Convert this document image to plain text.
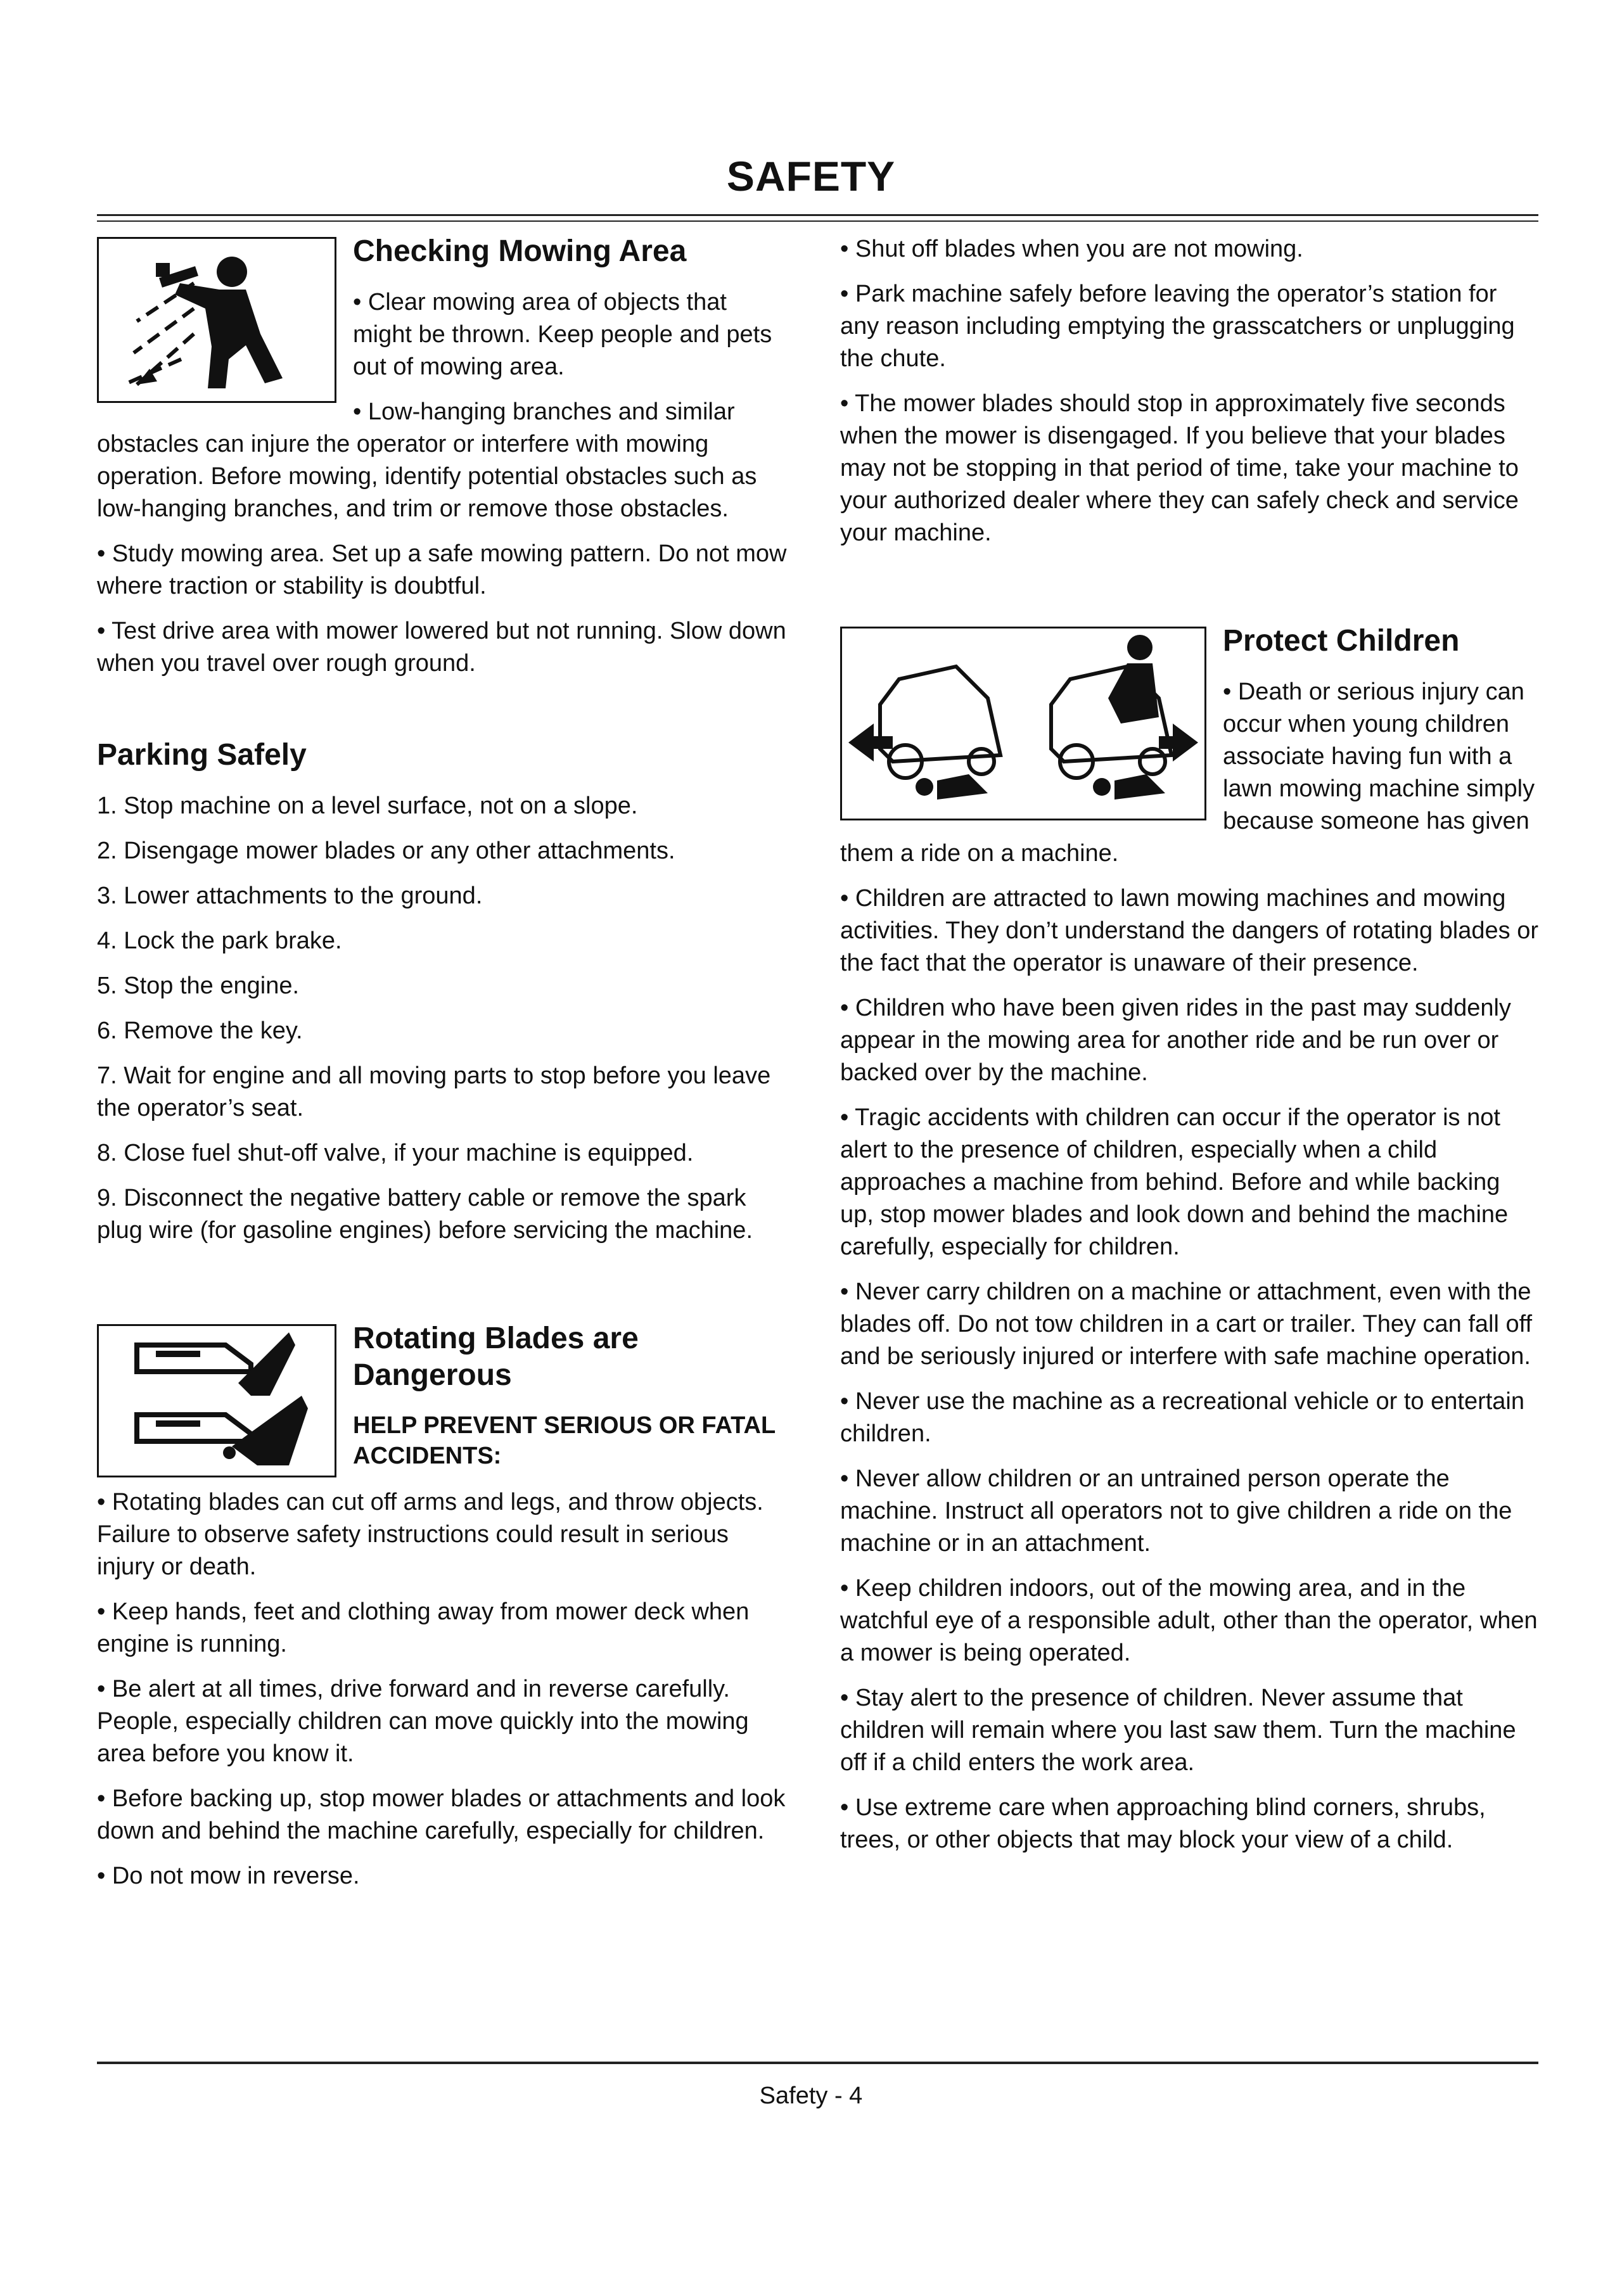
SAFETY
Checking Mowing Area

• Clear mowing area of objects that might be thrown. Keep people and pets out of mowing area.

• Low-hanging branches and similar obstacles can injure the operator or interfere with mowing operation. Before mowing, identify potential obstacles such as low-hanging branches, and trim or remove those obstacles.

• Study mowing area. Set up a safe mowing pattern. Do not mow where traction or stability is doubtful.

• Test drive area with mower lowered but not running. Slow down when you travel over rough ground.

Parking Safely

1. Stop machine on a level surface, not on a slope.

2. Disengage mower blades or any other attachments.

3. Lower attachments to the ground.

4. Lock the park brake.

5. Stop the engine.

6. Remove the key.

7. Wait for engine and all moving parts to stop before you leave the operator’s seat.

8. Close fuel shut-off valve, if your machine is equipped.

9. Disconnect the negative battery cable or remove the spark plug wire (for gasoline engines) before servicing the machine.

Rotating Blades are Dangerous
HELP PREVENT SERIOUS OR FATAL ACCIDENTS:

• Rotating blades can cut off arms and legs, and throw objects. Failure to observe safety instructions could result in serious injury or death.

• Keep hands, feet and clothing away from mower deck when engine is running.

• Be alert at all times, drive forward and in reverse carefully. People, especially children can move quickly into the mowing area before you know it.

• Before backing up, stop mower blades or attachments and look down and behind the machine carefully, especially for children.

• Do not mow in reverse.

• Shut off blades when you are not mowing.

• Park machine safely before leaving the operator’s station for any reason including emptying the grasscatchers or unplugging the chute.

• The mower blades should stop in approximately five seconds when the mower is disengaged. If you believe that your blades may not be stopping in that period of time, take your machine to your authorized dealer where they can safely check and service your machine.

Protect Children

• Death or serious injury can occur when young children associate having fun with a lawn mowing machine simply because someone has given them a ride on a machine.

• Children are attracted to lawn mowing machines and mowing activities. They don’t understand the dangers of rotating blades or the fact that the operator is unaware of their presence.

• Children who have been given rides in the past may suddenly appear in the mowing area for another ride and be run over or backed over by the machine.

• Tragic accidents with children can occur if the operator is not alert to the presence of children, especially when a child approaches a machine from behind. Before and while backing up, stop mower blades and look down and behind the machine carefully, especially for children.

• Never carry children on a machine or attachment, even with the blades off. Do not tow children in a cart or trailer. They can fall off and be seriously injured or interfere with safe machine operation.

• Never use the machine as a recreational vehicle or to entertain children.

• Never allow children or an untrained person operate the machine. Instruct all operators not to give children a ride on the machine or in an attachment.

• Keep children indoors, out of the mowing area, and in the watchful eye of a responsible adult, other than the operator, when a mower is being operated.

• Stay alert to the presence of children. Never assume that children will remain where you last saw them. Turn the machine off if a child enters the work area.

• Use extreme care when approaching blind corners, shrubs, trees, or other objects that may block your view of a child.

Safety - 4
